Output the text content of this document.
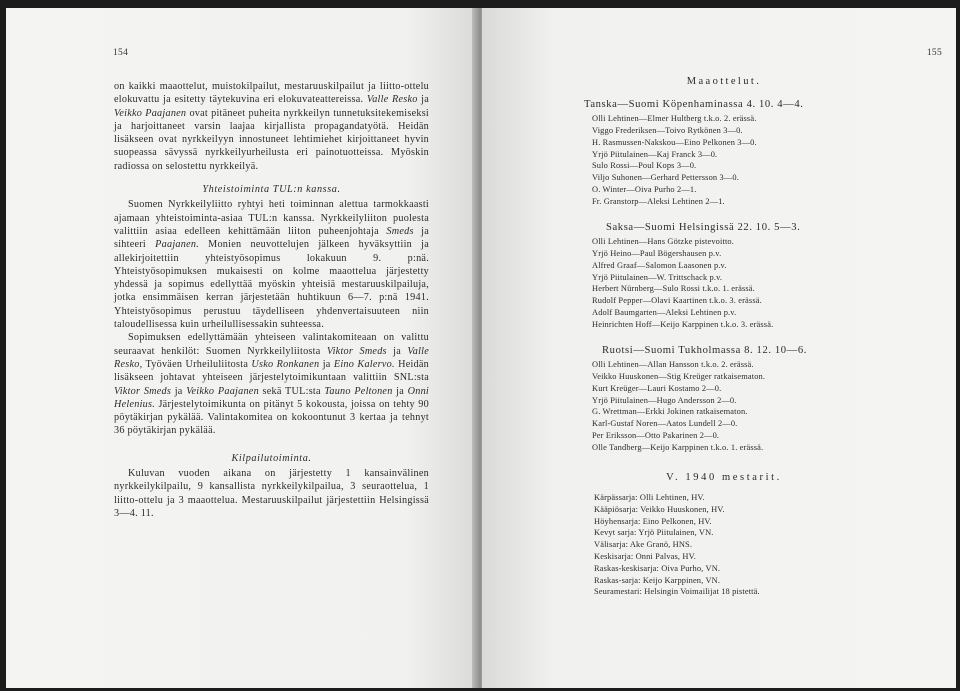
154

on kaikki maaottelut, muistokilpailut, mestaruuskilpailut ja liitto-ottelu elokuvattu ja esitetty täytekuvina eri elokuvateattereissa. Valle Resko ja Veikko Paajanen ovat pitäneet puheita nyrkkeilyn tunnetuksitekemiseksi ja harjoittaneet varsin laajaa kirjallista propagandatyötä. Heidän lisäkseen ovat nyrkkeilyyn innostuneet lehtimiehet kirjoittaneet hyvin suopeassa sävyssä nyrkkeilyurheilusta eri painotuotteissa. Myöskin radiossa on selostettu nyrkkeilyä.

Yhteistoiminta TUL:n kanssa.

Suomen Nyrkkeilyliitto ryhtyi heti toiminnan alettua tarmokkaasti ajamaan yhteistoiminta-asiaa TUL:n kanssa. Nyrkkeilyliiton puolesta valittiin asiaa edelleen kehittämään liiton puheenjohtaja Smeds ja sihteeri Paajanen. Monien neuvottelujen jälkeen hyväksyttiin ja allekirjoitettiin yhteistyösopimus lokakuun 9. p:nä. Yhteistyösopimuksen mukaisesti on kolme maaottelua järjestetty yhdessä ja sopimus edellyttää myöskin yhteisiä mestaruuskilpailuja, jotka ensimmäisen kerran järjestetään huhtikuun 6—7. p:nä 1941. Yhteistyösopimus perustuu täydelliseen yhdenvertaisuuteen niin taloudellisessa kuin urheilullisessakin suhteessa.

Sopimuksen edellyttämään yhteiseen valintakomiteaan on valittu seuraavat henkilöt: Suomen Nyrkkeilyliitosta Viktor Smeds ja Valle Resko, Työväen Urheiluliitosta Usko Ronkanen ja Eino Kalervo. Heidän lisäkseen johtavat yhteiseen järjestelytoimikuntaan valittiin SNL:sta Viktor Smeds ja Veikko Paajanen sekä TUL:sta Tauno Peltonen ja Onni Helenius. Järjestelytoimikunta on pitänyt 5 kokousta, joissa on tehty 90 pöytäkirjan pykälää. Valintakomitea on kokoontunut 3 kertaa ja tehnyt 36 pöytäkirjan pykälää.

Kilpailutoiminta.

Kuluvan vuoden aikana on järjestetty 1 kansainvälinen nyrkkeilykilpailu, 9 kansallista nyrkkeilykilpailua, 3 seuraottelua, 1 liitto-ottelu ja 3 maaottelua. Mestaruuskilpailut järjestettiin Helsingissä 3—4. 11.

155
Maaottelut.
Tanska—Suomi Köpenhaminassa 4. 10. 4—4.
Olli Lehtinen—Elmer Hultberg t.k.o. 2. erässä.
Viggo Frederiksen—Toivo Rytkönen 3—0.
H. Rasmussen-Nakskou—Eino Pelkonen 3—0.
Yrjö Piitulainen—Kaj Franck 3—0.
Sulo Rossi—Poul Kops 3—0.
Viljo Suhonen—Gerhard Pettersson 3—0.
O. Winter—Oiva Purho 2—1.
Fr. Granstorp—Aleksi Lehtinen 2—1.
Saksa—Suomi Helsingissä 22. 10. 5—3.
Olli Lehtinen—Hans Götzke pistevoitto.
Yrjö Heino—Paul Bögershausen p.v.
Alfred Graaf—Salomon Laasonen p.v.
Yrjö Piitulainen—W. Trittschack p.v.
Herbert Nürnberg—Sulo Rossi t.k.o. 1. erässä.
Rudolf Pepper—Olavi Kaartinen t.k.o. 3. erässä.
Adolf Baumgarten—Aleksi Lehtinen p.v.
Heinrichten Hoff—Keijo Karppinen t.k.o. 3. erässä.
Ruotsi—Suomi Tukholmassa 8. 12. 10—6.
Olli Lehtinen—Allan Hansson t.k.o. 2. erässä.
Veikko Huuskonen—Stig Kreüger ratkaisematon.
Kurt Kreüger—Lauri Kostamo 2—0.
Yrjö Piitulainen—Hugo Andersson 2—0.
G. Wrettman—Erkki Jokinen ratkaisematon.
Karl-Gustaf Noren—Aatos Lundell 2—0.
Per Eriksson—Otto Pakarinen 2—0.
Olle Tandberg—Keijo Karppinen t.k.o. 1. erässä.
V. 1940 mestarit.
Kärpässarja: Olli Lehtinen, HV.
Kääpiösarja: Veikko Huuskonen, HV.
Höyhensarja: Eino Pelkonen, HV.
Kevyt sarja: Yrjö Piitulainen, VN.
Välisarja: Ake Granö, HNS.
Keskisarja: Onni Palvas, HV.
Raskas-keskisarja: Oiva Purho, VN.
Raskas-sarja: Keijo Karppinen, VN.
Seuramestari: Helsingin Voimailijat 18 pistettä.
